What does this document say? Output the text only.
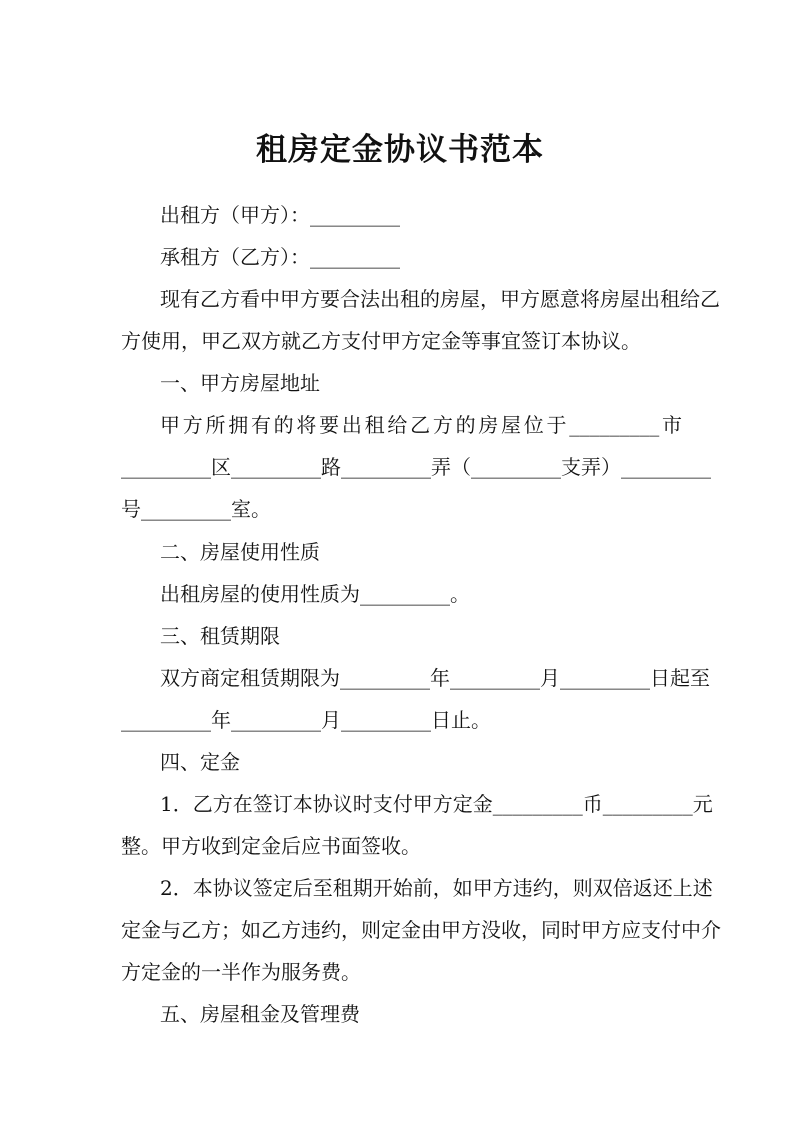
租房定金协议书范本
出租方（甲方）：_________
承租方（乙方）：_________
现有乙方看中甲方要合法出租的房屋，甲方愿意将房屋出租给乙
方使用，甲乙双方就乙方支付甲方定金等事宜签订本协议。
一、甲方房屋地址
甲方所拥有的将要出租给乙方的房屋位于_________市
_________区_________路_________弄（_________支弄）_________
号_________室。
二、房屋使用性质
出租房屋的使用性质为_________。
三、租赁期限
双方商定租赁期限为_________年_________月_________日起至
_________年_________月_________日止。
四、定金
1．乙方在签订本协议时支付甲方定金_________币_________元
整。甲方收到定金后应书面签收。
2．本协议签定后至租期开始前，如甲方违约，则双倍返还上述
定金与乙方；如乙方违约，则定金由甲方没收，同时甲方应支付中介
方定金的一半作为服务费。
五、房屋租金及管理费
